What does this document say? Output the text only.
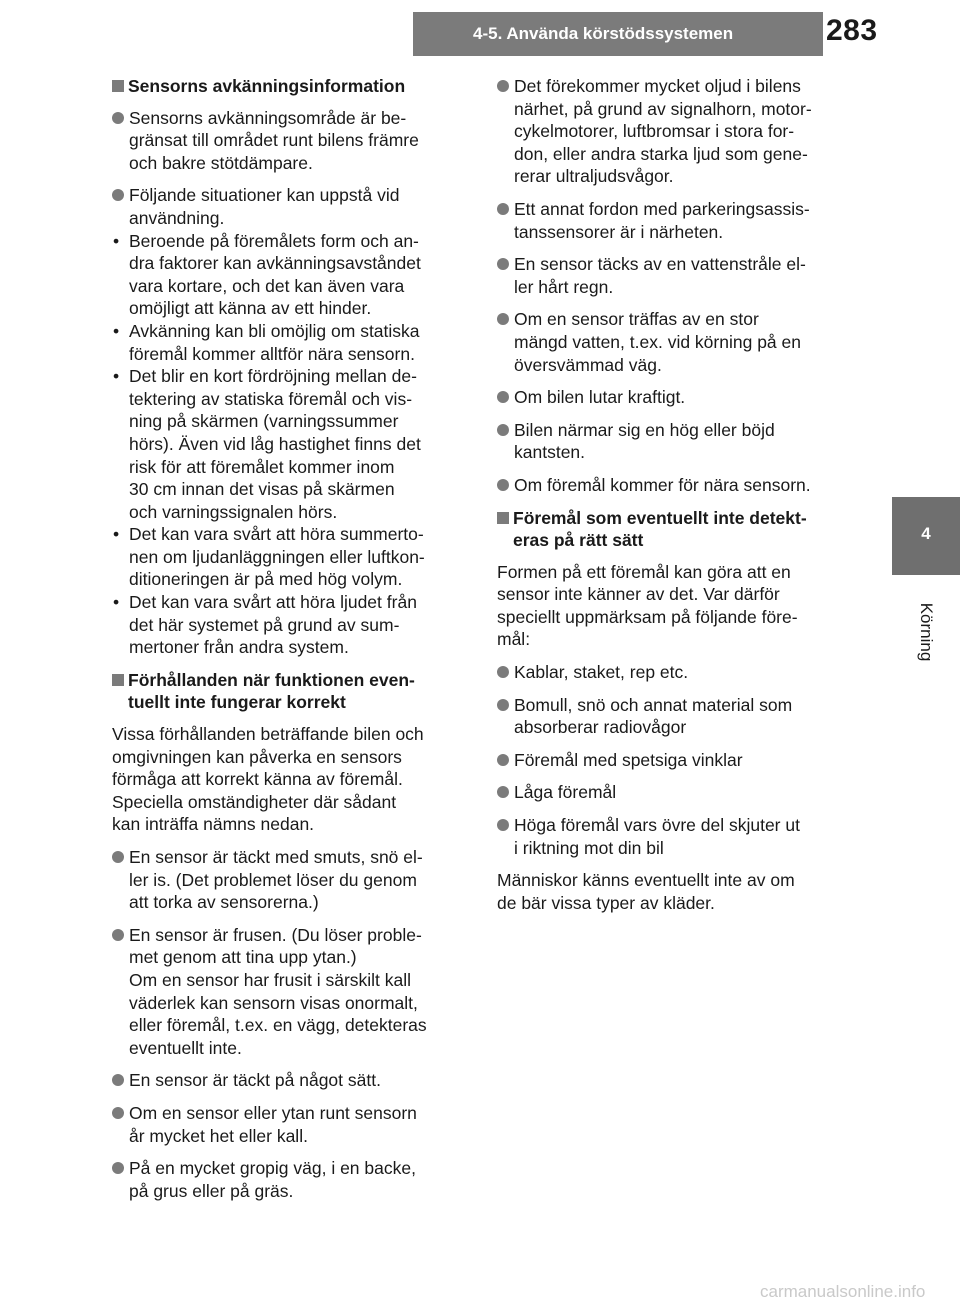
4-5. Använda körstödssystemen	283
4
Körning
Sensorns avkänningsinformation
Sensorns avkänningsområde är be-
gränsat till området runt bilens främre
och bakre stötdämpare.
Följande situationer kan uppstå vid
användning.
• Beroende på föremålets form och an-
dra faktorer kan avkänningsavståndet
vara kortare, och det kan även vara
omöjligt att känna av ett hinder.
• Avkänning kan bli omöjlig om statiska
föremål kommer alltför nära sensorn.
• Det blir en kort fördröjning mellan de-
tektering av statiska föremål och vis-
ning på skärmen (varningssummer
hörs). Även vid låg hastighet finns det
risk för att föremålet kommer inom
30 cm innan det visas på skärmen
och varningssignalen hörs.
• Det kan vara svårt att höra summerto-
nen om ljudanläggningen eller luftkon-
ditioneringen är på med hög volym.
• Det kan vara svårt att höra ljudet från
det här systemet på grund av sum-
mertoner från andra system.
Förhållanden när funktionen even-
tuellt inte fungerar korrekt
Vissa förhållanden beträffande bilen och
omgivningen kan påverka en sensors
förmåga att korrekt känna av föremål.
Speciella omständigheter där sådant
kan inträffa nämns nedan.
En sensor är täckt med smuts, snö el-
ler is. (Det problemet löser du genom
att torka av sensorerna.)
En sensor är frusen. (Du löser proble-
met genom att tina upp ytan.)
Om en sensor har frusit i särskilt kall
väderlek kan sensorn visas onormalt,
eller föremål, t.ex. en vägg, detekteras
eventuellt inte.
En sensor är täckt på något sätt.
Om en sensor eller ytan runt sensorn
år mycket het eller kall.
På en mycket gropig väg, i en backe,
på grus eller på gräs.
Det förekommer mycket oljud i bilens
närhet, på grund av signalhorn, motor-
cykelmotorer, luftbromsar i stora for-
don, eller andra starka ljud som gene-
rerar ultraljudsvågor.
Ett annat fordon med parkeringsassis-
tanssensorer är i närheten.
En sensor täcks av en vattenstråle el-
ler hårt regn.
Om en sensor träffas av en stor
mängd vatten, t.ex. vid körning på en
översvämmad väg.
Om bilen lutar kraftigt.
Bilen närmar sig en hög eller böjd
kantsten.
Om föremål kommer för nära sensorn.
Föremål som eventuellt inte detekt-
eras på rätt sätt
Formen på ett föremål kan göra att en
sensor inte känner av det. Var därför
speciellt uppmärksam på följande före-
mål:
Kablar, staket, rep etc.
Bomull, snö och annat material som
absorberar radiovågor
Föremål med spetsiga vinklar
Låga föremål
Höga föremål vars övre del skjuter ut
i riktning mot din bil
Människor känns eventuellt inte av om
de bär vissa typer av kläder.
carmanualsonline.info
